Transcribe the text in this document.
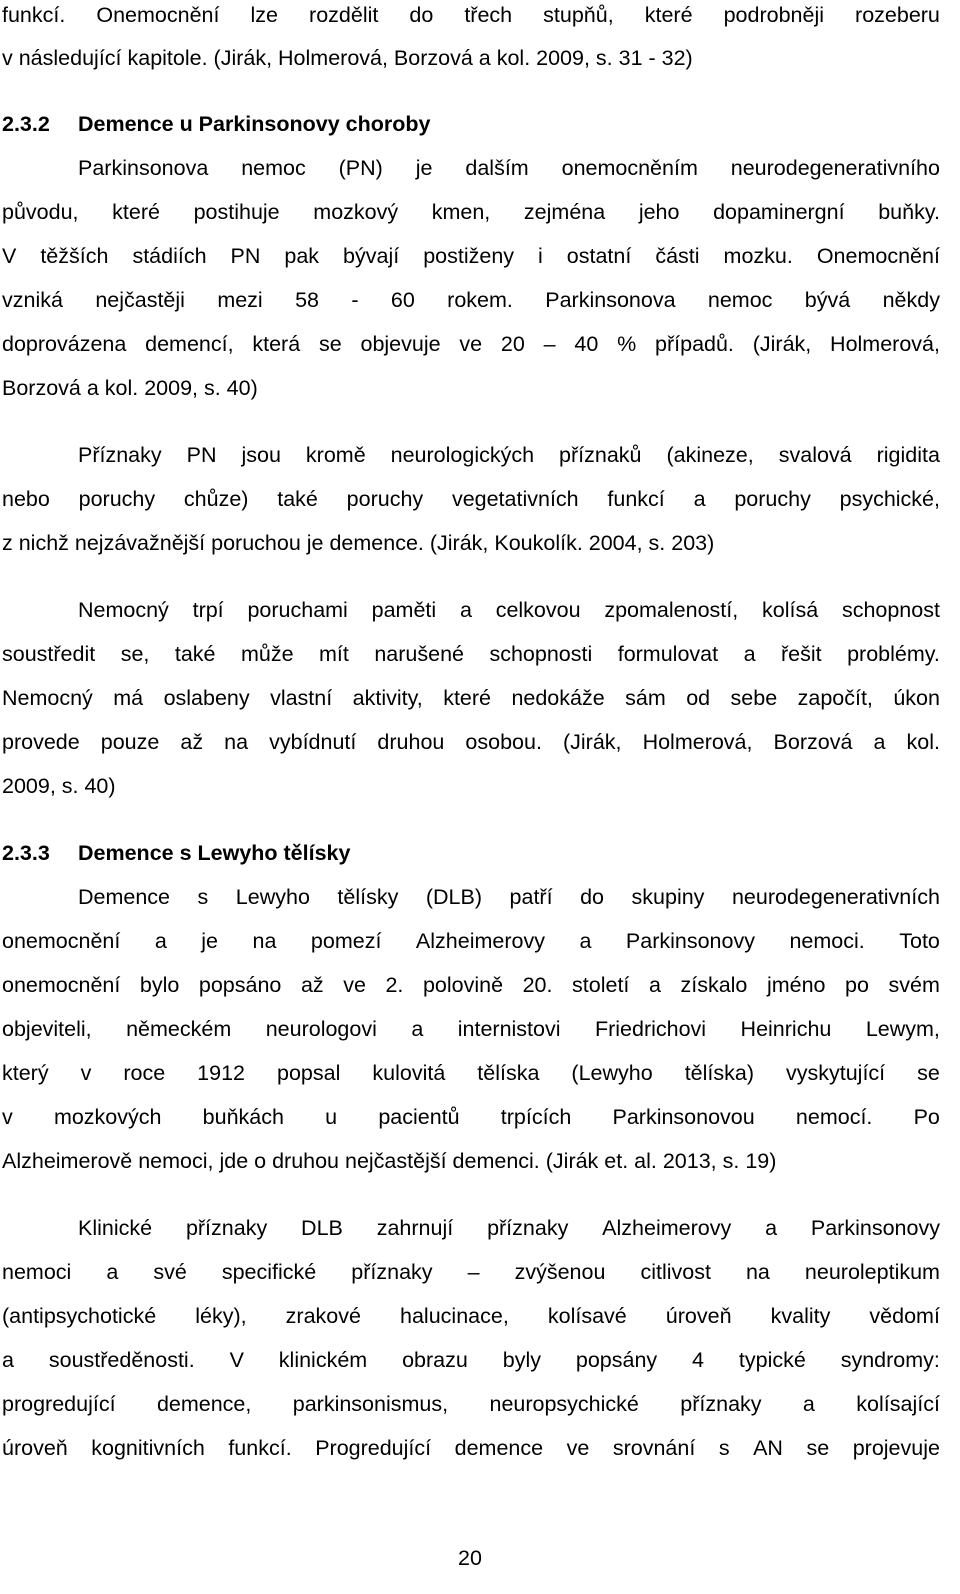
funkcí. Onemocnění lze rozdělit do třech stupňů, které podrobněji rozeberu
v následující kapitole. (Jirák, Holmerová, Borzová a kol. 2009, s. 31 - 32)
2.3.2 Demence u Parkinsonovy choroby
Parkinsonova nemoc (PN) je dalším onemocněním neurodegenerativního
původu, které postihuje mozkový kmen, zejména jeho dopaminergní buňky.
V těžších stádiích PN pak bývají postiženy i ostatní části mozku. Onemocnění
vzniká nejčastěji mezi 58 - 60 rokem. Parkinsonova nemoc bývá někdy
doprovázena demencí, která se objevuje ve 20 – 40 % případů. (Jirák, Holmerová,
Borzová a kol. 2009, s. 40)
Příznaky PN jsou kromě neurologických příznaků (akineze, svalová rigidita
nebo poruchy chůze) také poruchy vegetativních funkcí a poruchy psychické,
z nichž nejzávažnější poruchou je demence. (Jirák, Koukolík. 2004, s. 203)
Nemocný trpí poruchami paměti a celkovou zpomaleností, kolísá schopnost
soustředit se, také může mít narušené schopnosti formulovat a řešit problémy.
Nemocný má oslabeny vlastní aktivity, které nedokáže sám od sebe započít, úkon
provede pouze až na vybídnutí druhou osobou. (Jirák, Holmerová, Borzová a kol.
2009, s. 40)
2.3.3 Demence s Lewyho tělísky
Demence s Lewyho tělísky (DLB) patří do skupiny neurodegenerativních
onemocnění a je na pomezí Alzheimerovy a Parkinsonovy nemoci. Toto
onemocnění bylo popsáno až ve 2. polovině 20. století a získalo jméno po svém
objeviteli, německém neurologovi a internistovi Friedrichovi Heinrichu Lewym,
který v roce 1912 popsal kulovitá tělíska (Lewyho tělíska) vyskytující se
v mozkových buňkách u pacientů trpících Parkinsonovou nemocí. Po
Alzheimerově nemoci, jde o druhou nejčastější demenci. (Jirák et. al. 2013, s. 19)
Klinické příznaky DLB zahrnují příznaky Alzheimerovy a Parkinsonovy
nemoci a své specifické příznaky – zvýšenou citlivost na neuroleptikum
(antipsychotické léky), zrakové halucinace, kolísavé úroveň kvality vědomí
a soustředěnosti. V klinickém obrazu byly popsány 4 typické syndromy:
progredující demence, parkinsonismus, neuropsychické příznaky a kolísající
úroveň kognitivních funkcí. Progredující demence ve srovnání s AN se projevuje
20
